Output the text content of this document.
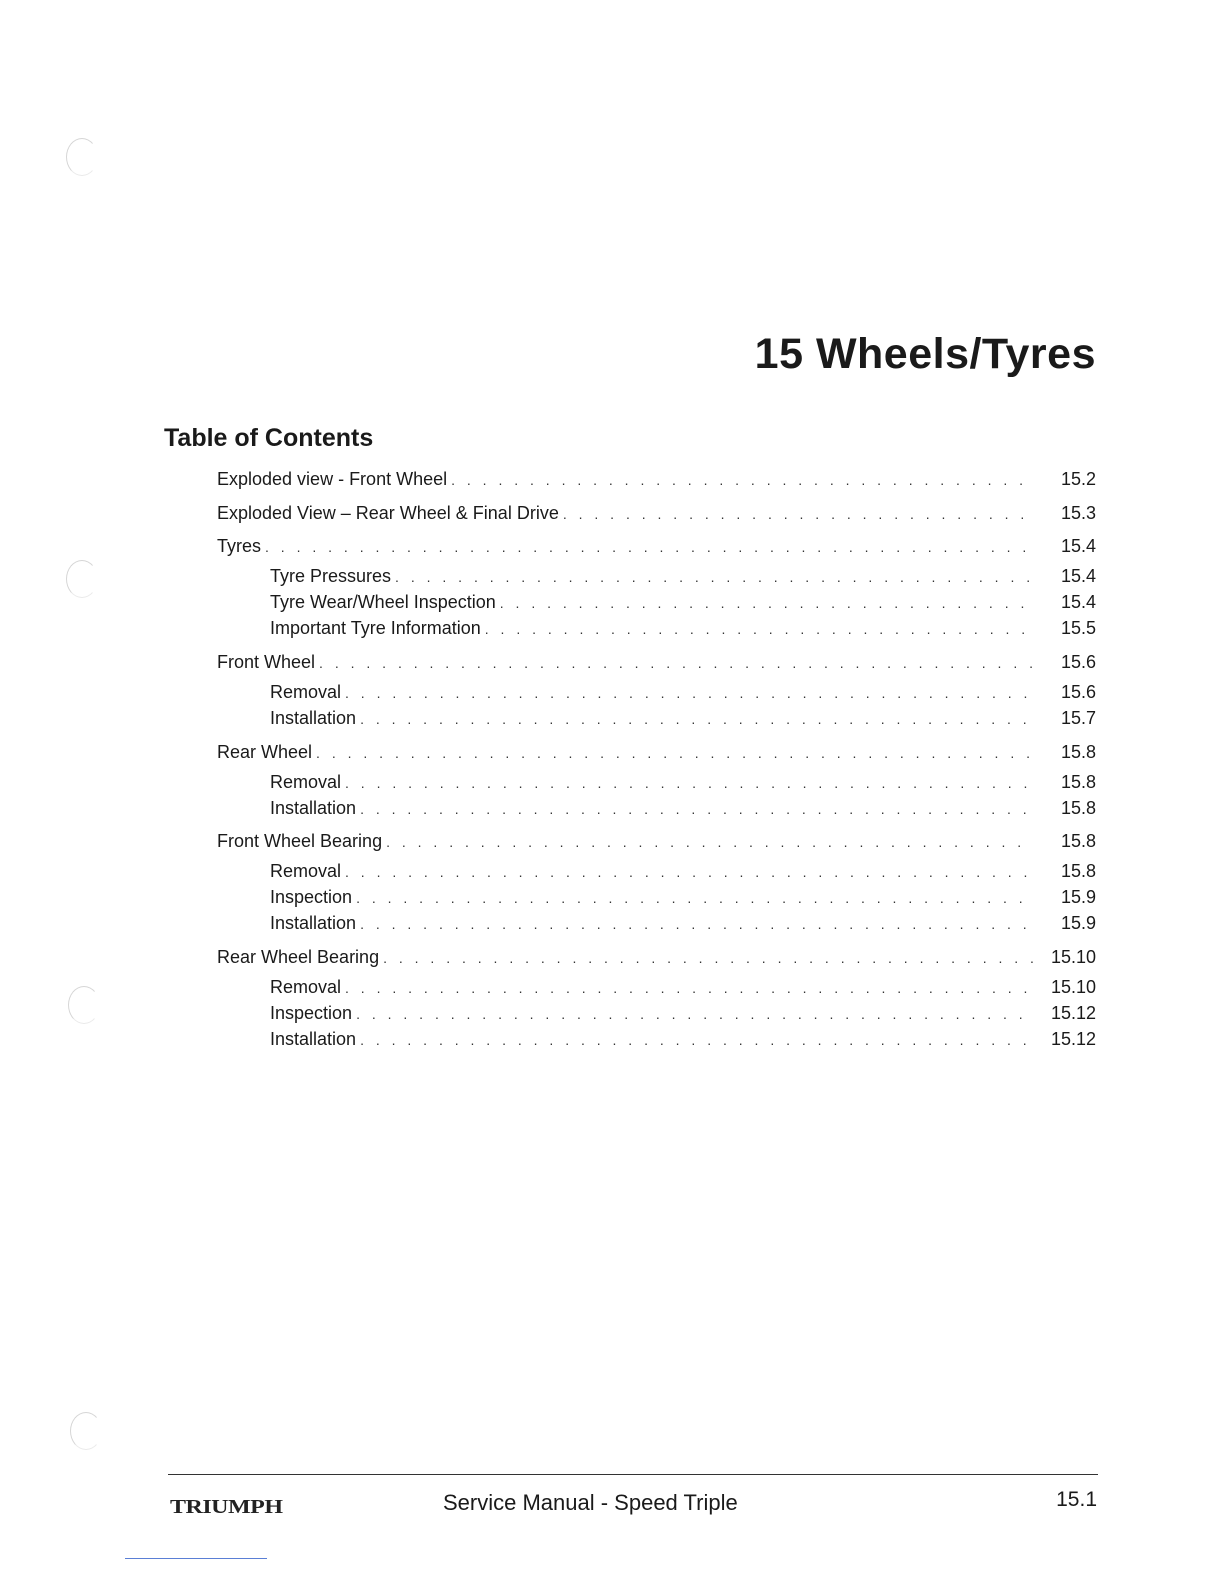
15 Wheels/Tyres
Table of Contents
Exploded view - Front Wheel . . .	15.2
Exploded View – Rear Wheel & Final Drive . . .	15.3
Tyres . . .	15.4
Tyre Pressures . . .	15.4
Tyre Wear/Wheel Inspection . . .	15.4
Important Tyre Information . . .	15.5
Front Wheel . . .	15.6
Removal . . .	15.6
Installation . . .	15.7
Rear Wheel . . .	15.8
Removal . . .	15.8
Installation . . .	15.8
Front Wheel Bearing . . .	15.8
Removal . . .	15.8
Inspection . . .	15.9
Installation . . .	15.9
Rear Wheel Bearing . . .	15.10
Removal . . .	15.10
Inspection . . .	15.12
Installation . . .	15.12
TRIUMPH	Service Manual - Speed Triple	15.1
